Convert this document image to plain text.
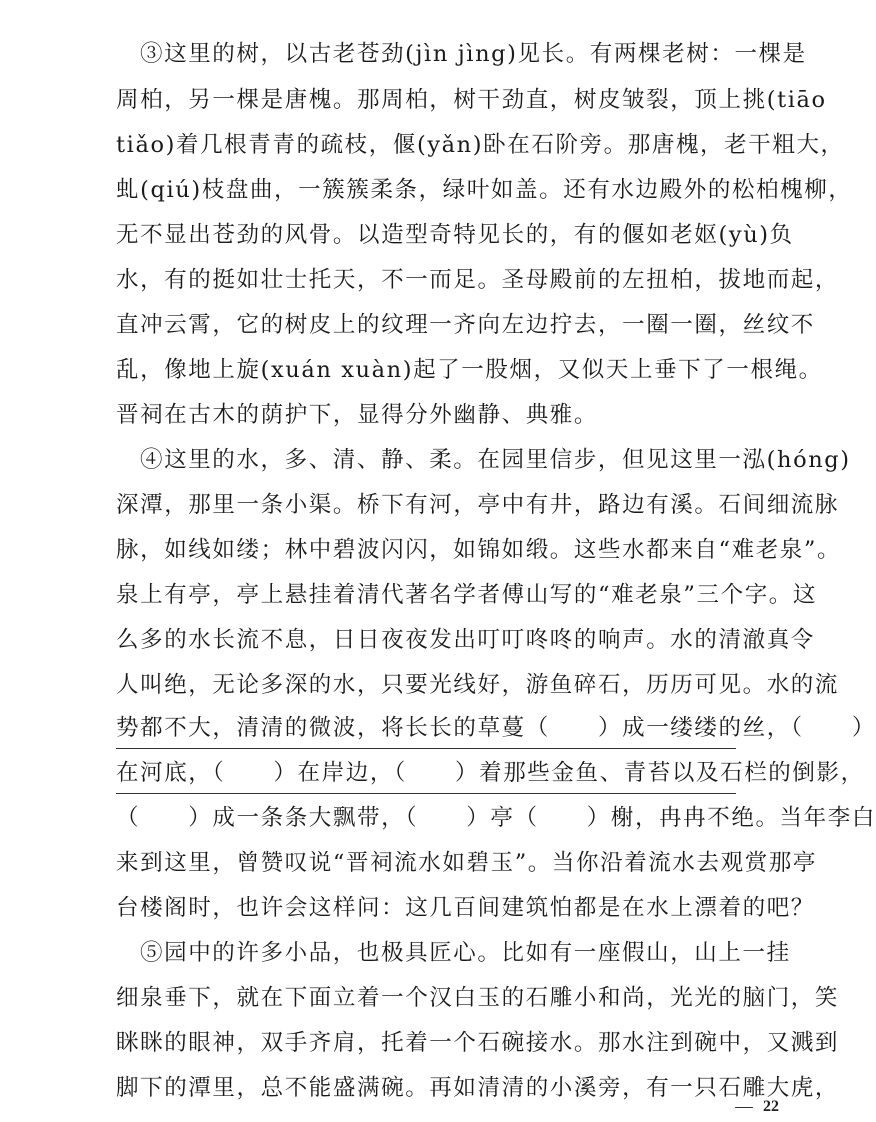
③这里的树，以古老苍劲(jìn jìng)见长。有两棵老树：一棵是
周柏，另一棵是唐槐。那周柏，树干劲直，树皮皱裂，顶上挑(tiāo
tiǎo)着几根青青的疏枝，偃(yǎn)卧在石阶旁。那唐槐，老干粗大，
虬(qiú)枝盘曲，一簇簇柔条，绿叶如盖。还有水边殿外的松柏槐柳，
无不显出苍劲的风骨。以造型奇特见长的，有的偃如老妪(yù)负
水，有的挺如壮士托天，不一而足。圣母殿前的左扭柏，拔地而起，
直冲云霄，它的树皮上的纹理一齐向左边拧去，一圈一圈，丝纹不
乱，像地上旋(xuán xuàn)起了一股烟，又似天上垂下了一根绳。
晋祠在古木的荫护下，显得分外幽静、典雅。
④这里的水，多、清、静、柔。在园里信步，但见这里一泓(hóng)
深潭，那里一条小渠。桥下有河，亭中有井，路边有溪。石间细流脉
脉，如线如缕；林中碧波闪闪，如锦如缎。这些水都来自“难老泉”。
泉上有亭，亭上悬挂着清代著名学者傅山写的“难老泉”三个字。这
么多的水长流不息，日日夜夜发出叮叮咚咚的响声。水的清澈真令
人叫绝，无论多深的水，只要光线好，游鱼碎石，历历可见。水的流
势都不大，清清的微波，将长长的草蔓（　　）成一缕缕的丝，（　　）
在河底，（　　）在岸边，（　　）着那些金鱼、青苔以及石栏的倒影，
（　　）成一条条大飘带，（　　）亭（　　）榭，冉冉不绝。当年李白
来到这里，曾赞叹说“晋祠流水如碧玉”。当你沿着流水去观赏那亭
台楼阁时，也许会这样问：这几百间建筑怕都是在水上漂着的吧？
⑤园中的许多小品，也极具匠心。比如有一座假山，山上一挂
细泉垂下，就在下面立着一个汉白玉的石雕小和尚，光光的脑门，笑
眯眯的眼神，双手齐肩，托着一个石碗接水。那水注到碗中，又溅到
脚下的潭里，总不能盛满碗。再如清清的小溪旁，有一只石雕大虎，
22
